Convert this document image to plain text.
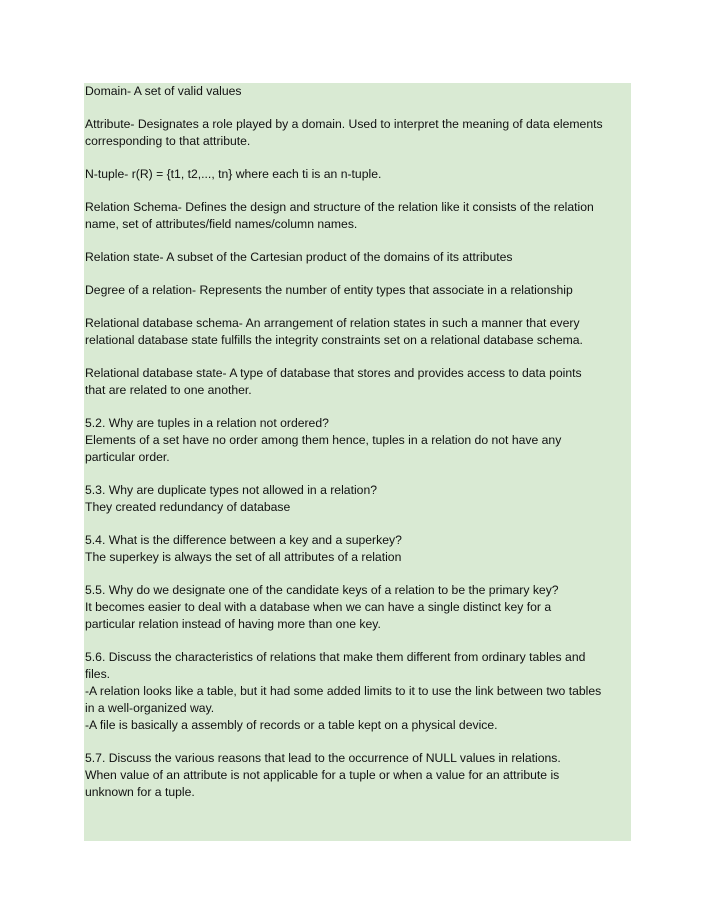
Domain- A set of valid values
Attribute- Designates a role played by a domain. Used to interpret the meaning of data elements
corresponding to that attribute.
N-tuple- r(R) = {t1, t2,..., tn} where each ti is an n-tuple.
Relation Schema- Defines the design and structure of the relation like it consists of the relation
name, set of attributes/field names/column names.
Relation state- A subset of the Cartesian product of the domains of its attributes
Degree of a relation- Represents the number of entity types that associate in a relationship
Relational database schema- An arrangement of relation states in such a manner that every
relational database state fulfills the integrity constraints set on a relational database schema.
Relational database state- A type of database that stores and provides access to data points
that are related to one another.
5.2. Why are tuples in a relation not ordered?
Elements of a set have no order among them hence, tuples in a relation do not have any
particular order.
5.3. Why are duplicate types not allowed in a relation?
They created redundancy of database
5.4. What is the difference between a key and a superkey?
The superkey is always the set of all attributes of a relation
5.5. Why do we designate one of the candidate keys of a relation to be the primary key?
It becomes easier to deal with a database when we can have a single distinct key for a
particular relation instead of having more than one key.
5.6. Discuss the characteristics of relations that make them different from ordinary tables and
files.
-A relation looks like a table, but it had some added limits to it to use the link between two tables
in a well-organized way.
-A file is basically a assembly of records or a table kept on a physical device.
5.7. Discuss the various reasons that lead to the occurrence of NULL values in relations.
When value of an attribute is not applicable for a tuple or when a value for an attribute is
unknown for a tuple.
